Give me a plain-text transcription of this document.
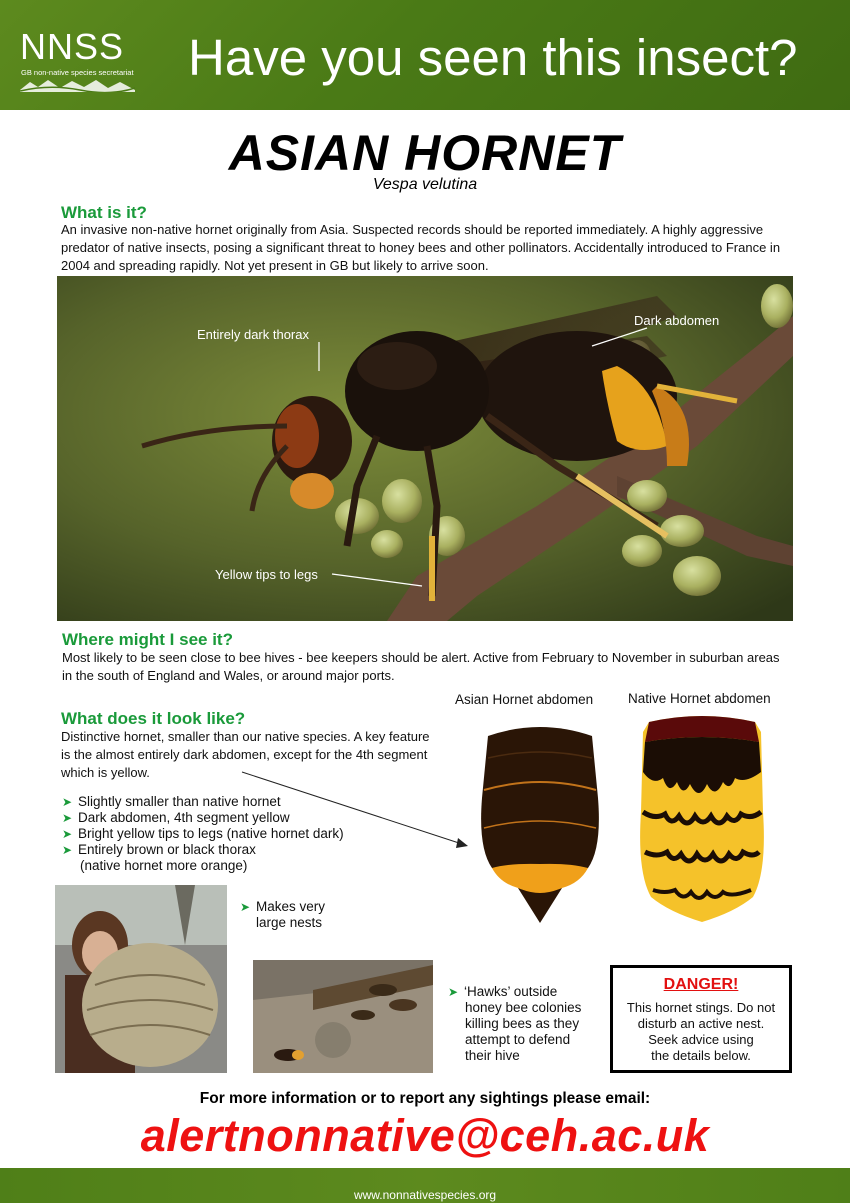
NNSS
GB non-native species secretariat Have you seen this insect?
ASIAN HORNET
Vespa velutina
What is it?
An invasive non-native hornet originally from Asia. Suspected records should be reported immediately. A highly aggressive predator of native insects, posing a significant threat to honey bees and other pollinators. Accidentally introduced to France in 2004 and spreading rapidly. Not yet present in GB but likely to arrive soon.
Entirely dark thorax
Dark abdomen
Yellow tips to legs
Where might I see it?
Most likely to be seen close to bee hives - bee keepers should be alert. Active from February to November in suburban areas in the south of England and Wales, or around major ports.
What does it look like?
Distinctive hornet, smaller than our native species. A key feature is the almost entirely dark abdomen, except for the 4th segment which is yellow.
➤ Slightly smaller than native hornet
➤ Dark abdomen, 4th segment yellow
➤ Bright yellow tips to legs (native hornet dark)
➤ Entirely brown or black thorax
(native hornet more orange)
Asian Hornet abdomen	Native Hornet abdomen
➤ Makes very
large nests
➤ ‘Hawks’ outside
honey bee colonies
killing bees as they
attempt to defend
their hive
DANGER!
This hornet stings. Do not
disturb an active nest.
Seek advice using
the details below.
For more information or to report any sightings please email:
alertnonnative@ceh.ac.uk
www.nonnativespecies.org
